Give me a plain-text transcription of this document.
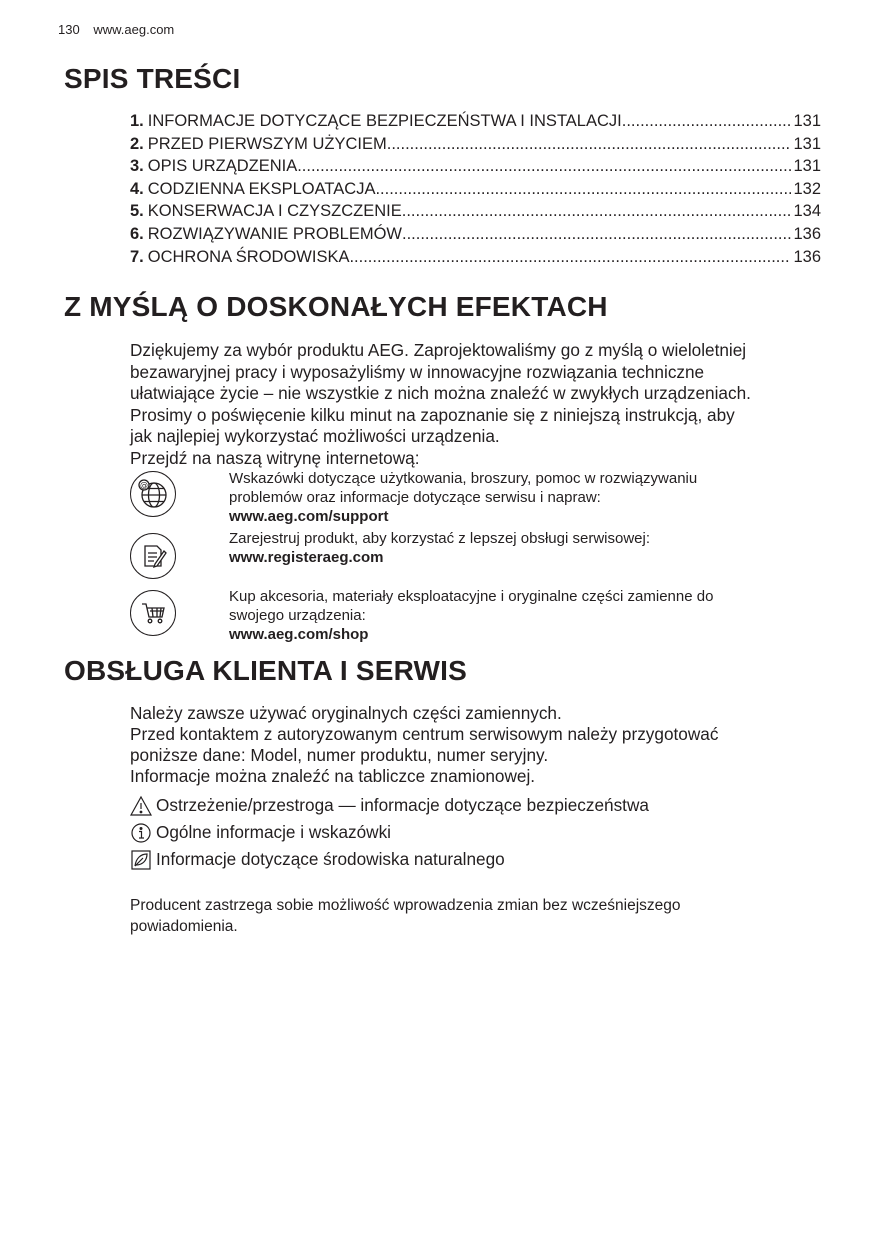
130 www.aeg.com
SPIS TREŚCI
1. INFORMACJE DOTYCZĄCE BEZPIECZEŃSTWA I INSTALACJI .....	131
2. PRZED PIERWSZYM UŻYCIEM .....	131
3. OPIS URZĄDZENIA .....	131
4. CODZIENNA EKSPLOATACJA .....	132
5. KONSERWACJA I CZYSZCZENIE .....	134
6. ROZWIĄZYWANIE PROBLEMÓW .....	136
7. OCHRONA ŚRODOWISKA .....	136
Z MYŚLĄ O DOSKONAŁYCH EFEKTACH

Dziękujemy za wybór produktu AEG. Zaprojektowaliśmy go z myślą o wieloletniej

bezawaryjnej pracy i wyposażyliśmy w innowacyjne rozwiązania techniczne

ułatwiające życie – nie wszystkie z nich można znaleźć w zwykłych urządzeniach.

Prosimy o poświęcenie kilku minut na zapoznanie się z niniejszą instrukcją, aby

jak najlepiej wykorzystać możliwości urządzenia.

Przejdź na naszą witrynę internetową:

@	Wskazówki dotyczące użytkowania, broszury, pomoc w rozwiązywaniu

problemów oraz informacje dotyczące serwisu i napraw:

www.aeg.com/support

Zarejestruj produkt, aby korzystać z lepszej obsługi serwisowej:

www.registeraeg.com

Kup akcesoria, materiały eksploatacyjne i oryginalne części zamienne do

swojego urządzenia:

www.aeg.com/shop

OBSŁUGA KLIENTA I SERWIS

Należy zawsze używać oryginalnych części zamiennych.

Przed kontaktem z autoryzowanym centrum serwisowym należy przygotować

poniższe dane: Model, numer produktu, numer seryjny.

Informacje można znaleźć na tabliczce znamionowej.

Ostrzeżenie/przestroga — informacje dotyczące bezpieczeństwa
Ogólne informacje i wskazówki
Informacje dotyczące środowiska naturalnego
Producent zastrzega sobie możliwość wprowadzenia zmian bez wcześniejszego
powiadomienia.
